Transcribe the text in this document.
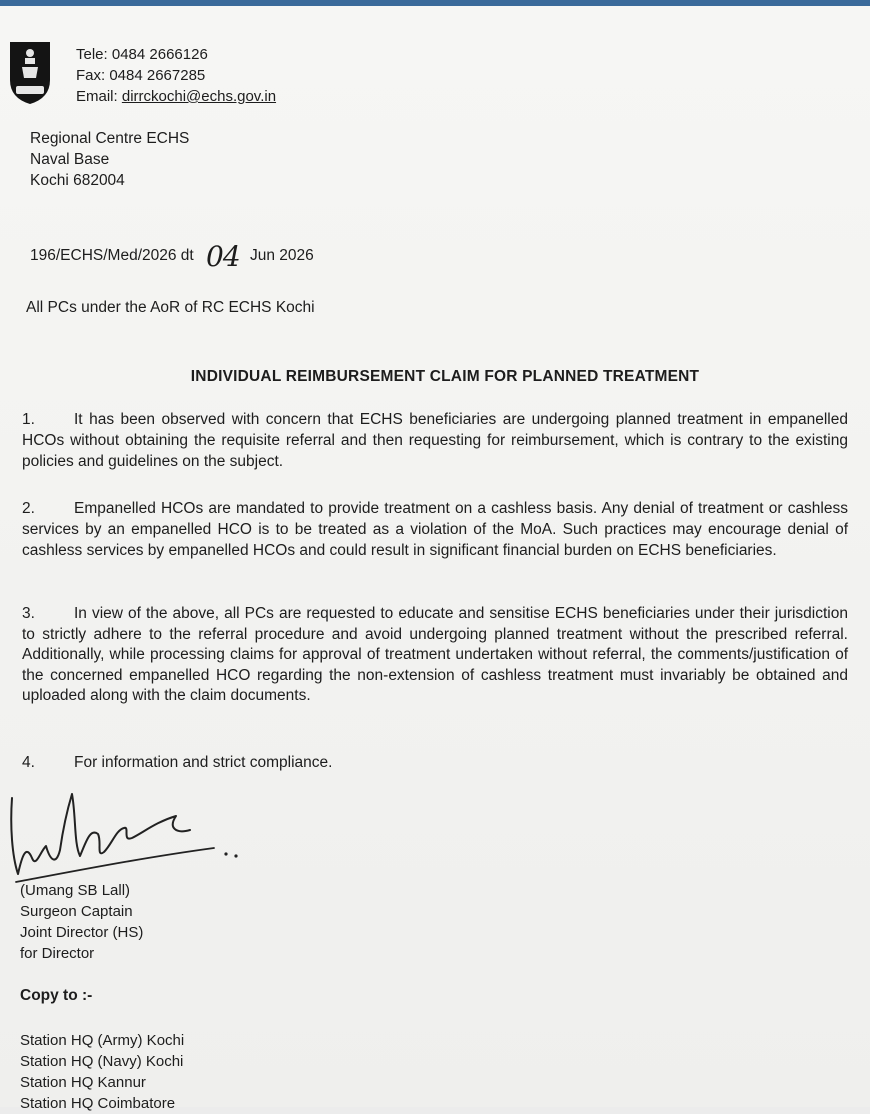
Tele: 0484 2666126
Fax: 0484 2667285
Email: dirrckochi@echs.gov.in
Regional Centre ECHS
Naval Base
Kochi 682004
196/ECHS/Med/2026 dt 04 Jun 2026
All PCs under the AoR of RC ECHS Kochi
INDIVIDUAL REIMBURSEMENT CLAIM FOR PLANNED TREATMENT
1.	It has been observed with concern that ECHS beneficiaries are undergoing planned treatment in empanelled HCOs without obtaining the requisite referral and then requesting for reimbursement, which is contrary to the existing policies and guidelines on the subject.
2.	Empanelled HCOs are mandated to provide treatment on a cashless basis. Any denial of treatment or cashless services by an empanelled HCO is to be treated as a violation of the MoA. Such practices may encourage denial of cashless services by empanelled HCOs and could result in significant financial burden on ECHS beneficiaries.
3.	In view of the above, all PCs are requested to educate and sensitise ECHS beneficiaries under their jurisdiction to strictly adhere to the referral procedure and avoid undergoing planned treatment without the prescribed referral. Additionally, while processing claims for approval of treatment undertaken without referral, the comments/justification of the concerned empanelled HCO regarding the non-extension of cashless treatment must invariably be obtained and uploaded along with the claim documents.
4.	For information and strict compliance.
(Umang SB Lall)
Surgeon Captain
Joint Director (HS)
for Director
Copy to :-
Station HQ (Army) Kochi
Station HQ (Navy) Kochi
Station HQ Kannur
Station HQ Coimbatore
